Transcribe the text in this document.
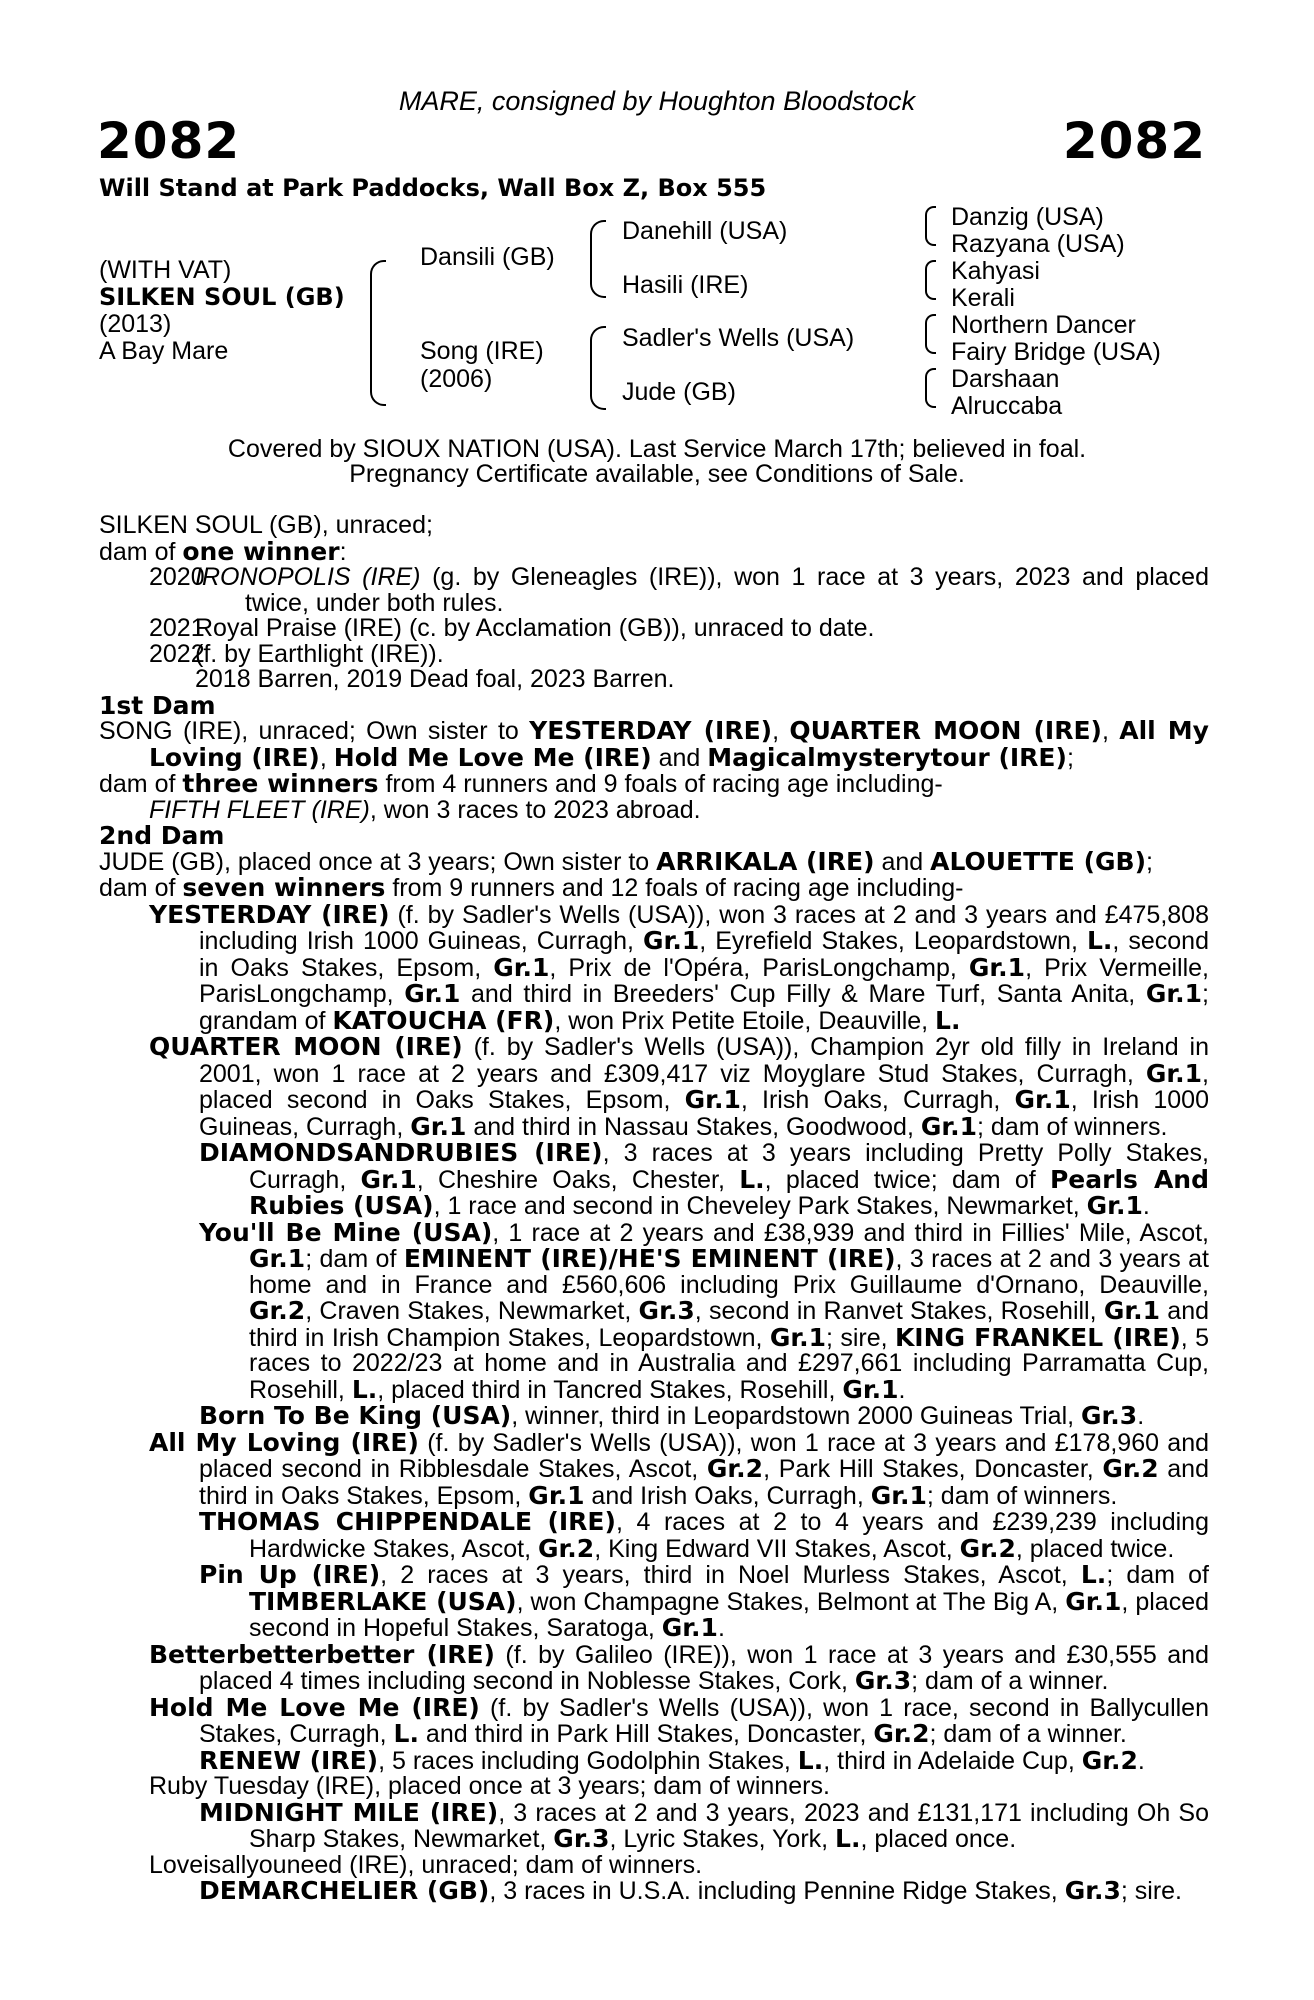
MARE, consigned by Houghton Bloodstock
2082	2082
Will Stand at Park Paddocks, Wall Box Z, Box 555
(WITH VAT)
SILKEN SOUL (GB)
(2013)
A Bay Mare
Dansili (GB)
Song (IRE)
(2006)
Danehill (USA)
Hasili (IRE)
Sadler's Wells (USA)
Jude (GB)
Danzig (USA)
Razyana (USA)
Kahyasi
Kerali
Northern Dancer
Fairy Bridge (USA)
Darshaan
Alruccaba
Covered by SIOUX NATION (USA). Last Service March 17th; believed in foal.
Pregnancy Certificate available, see Conditions of Sale.

SILKEN SOUL (GB), unraced;

dam of one winner:

2020
IRONOPOLIS (IRE) (g. by Gleneagles (IRE)), won 1 race at 3 years, 2023 and placed twice, under both rules.
2021
Royal Praise (IRE) (c. by Acclamation (GB)), unraced to date.
2022
(f. by Earthlight (IRE)).
2018 Barren, 2019 Dead foal, 2023 Barren.

1st Dam

SONG (IRE), unraced; Own sister to YESTERDAY (IRE), QUARTER MOON (IRE), All My Loving (IRE), Hold Me Love Me (IRE) and Magicalmysterytour (IRE);

dam of three winners from 4 runners and 9 foals of racing age including-

FIFTH FLEET (IRE), won 3 races to 2023 abroad.

2nd Dam

JUDE (GB), placed once at 3 years; Own sister to ARRIKALA (IRE) and ALOUETTE (GB);

dam of seven winners from 9 runners and 12 foals of racing age including-

YESTERDAY (IRE) (f. by Sadler's Wells (USA)), won 3 races at 2 and 3 years and £475,808 including Irish 1000 Guineas, Curragh, Gr.1, Eyrefield Stakes, Leopardstown, L., second in Oaks Stakes, Epsom, Gr.1, Prix de l'Opéra, ParisLongchamp, Gr.1, Prix Vermeille, ParisLongchamp, Gr.1 and third in Breeders' Cup Filly & Mare Turf, Santa Anita, Gr.1; grandam of KATOUCHA (FR), won Prix Petite Etoile, Deauville, L.

QUARTER MOON (IRE) (f. by Sadler's Wells (USA)), Champion 2yr old filly in Ireland in 2001, won 1 race at 2 years and £309,417 viz Moyglare Stud Stakes, Curragh, Gr.1, placed second in Oaks Stakes, Epsom, Gr.1, Irish Oaks, Curragh, Gr.1, Irish 1000 Guineas, Curragh, Gr.1 and third in Nassau Stakes, Goodwood, Gr.1; dam of winners.

DIAMONDSANDRUBIES (IRE), 3 races at 3 years including Pretty Polly Stakes, Curragh, Gr.1, Cheshire Oaks, Chester, L., placed twice; dam of Pearls And Rubies (USA), 1 race and second in Cheveley Park Stakes, Newmarket, Gr.1.

You'll Be Mine (USA), 1 race at 2 years and £38,939 and third in Fillies' Mile, Ascot, Gr.1; dam of EMINENT (IRE)/HE'S EMINENT (IRE), 3 races at 2 and 3 years at home and in France and £560,606 including Prix Guillaume d'Ornano, Deauville, Gr.2, Craven Stakes, Newmarket, Gr.3, second in Ranvet Stakes, Rosehill, Gr.1 and third in Irish Champion Stakes, Leopardstown, Gr.1; sire, KING FRANKEL (IRE), 5 races to 2022/23 at home and in Australia and £297,661 including Parramatta Cup, Rosehill, L., placed third in Tancred Stakes, Rosehill, Gr.1.

Born To Be King (USA), winner, third in Leopardstown 2000 Guineas Trial, Gr.3.

All My Loving (IRE) (f. by Sadler's Wells (USA)), won 1 race at 3 years and £178,960 and placed second in Ribblesdale Stakes, Ascot, Gr.2, Park Hill Stakes, Doncaster, Gr.2 and third in Oaks Stakes, Epsom, Gr.1 and Irish Oaks, Curragh, Gr.1; dam of winners.

THOMAS CHIPPENDALE (IRE), 4 races at 2 to 4 years and £239,239 including Hardwicke Stakes, Ascot, Gr.2, King Edward VII Stakes, Ascot, Gr.2, placed twice.

Pin Up (IRE), 2 races at 3 years, third in Noel Murless Stakes, Ascot, L.; dam of TIMBERLAKE (USA), won Champagne Stakes, Belmont at The Big A, Gr.1, placed second in Hopeful Stakes, Saratoga, Gr.1.

Betterbetterbetter (IRE) (f. by Galileo (IRE)), won 1 race at 3 years and £30,555 and placed 4 times including second in Noblesse Stakes, Cork, Gr.3; dam of a winner.

Hold Me Love Me (IRE) (f. by Sadler's Wells (USA)), won 1 race, second in Ballycullen Stakes, Curragh, L. and third in Park Hill Stakes, Doncaster, Gr.2; dam of a winner.

RENEW (IRE), 5 races including Godolphin Stakes, L., third in Adelaide Cup, Gr.2.

Ruby Tuesday (IRE), placed once at 3 years; dam of winners.

MIDNIGHT MILE (IRE), 3 races at 2 and 3 years, 2023 and £131,171 including Oh So Sharp Stakes, Newmarket, Gr.3, Lyric Stakes, York, L., placed once.

Loveisallyouneed (IRE), unraced; dam of winners.

DEMARCHELIER (GB), 3 races in U.S.A. including Pennine Ridge Stakes, Gr.3; sire.
